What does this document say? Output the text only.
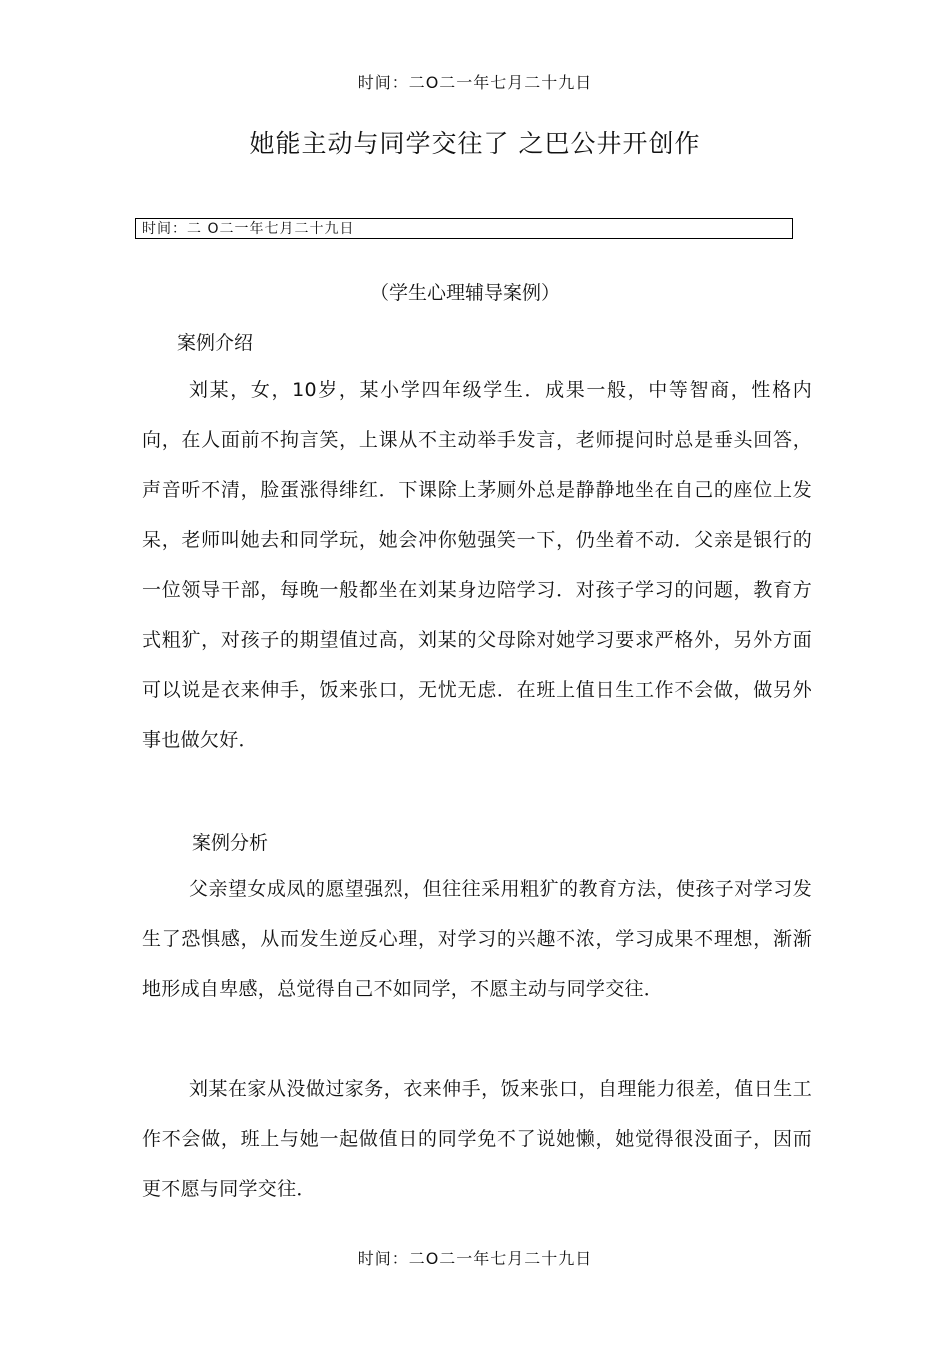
时间：二O二一年七月二十九日
她能主动与同学交往了 之巴公井开创作
时间：二 O二一年七月二十九日
（学生心理辅导案例）
案例介绍
刘某，女，10岁，某小学四年级学生．成果一般，中等智商，性格内向，在人面前不拘言笑，上课从不主动举手发言，老师提问时总是垂头回答，声音听不清，脸蛋涨得绯红．下课除上茅厕外总是静静地坐在自己的座位上发呆，老师叫她去和同学玩，她会冲你勉强笑一下，仍坐着不动．父亲是银行的一位领导干部，每晚一般都坐在刘某身边陪学习．对孩子学习的问题，教育方式粗犷，对孩子的期望值过高，刘某的父母除对她学习要求严格外，另外方面可以说是衣来伸手，饭来张口，无忧无虑．在班上值日生工作不会做，做另外事也做欠好．
案例分析
父亲望女成凤的愿望强烈，但往往采用粗犷的教育方法，使孩子对学习发生了恐惧感，从而发生逆反心理，对学习的兴趣不浓，学习成果不理想，渐渐地形成自卑感，总觉得自己不如同学，不愿主动与同学交往．
刘某在家从没做过家务，衣来伸手，饭来张口，自理能力很差，值日生工作不会做，班上与她一起做值日的同学免不了说她懒，她觉得很没面子，因而更不愿与同学交往．
时间：二O二一年七月二十九日
